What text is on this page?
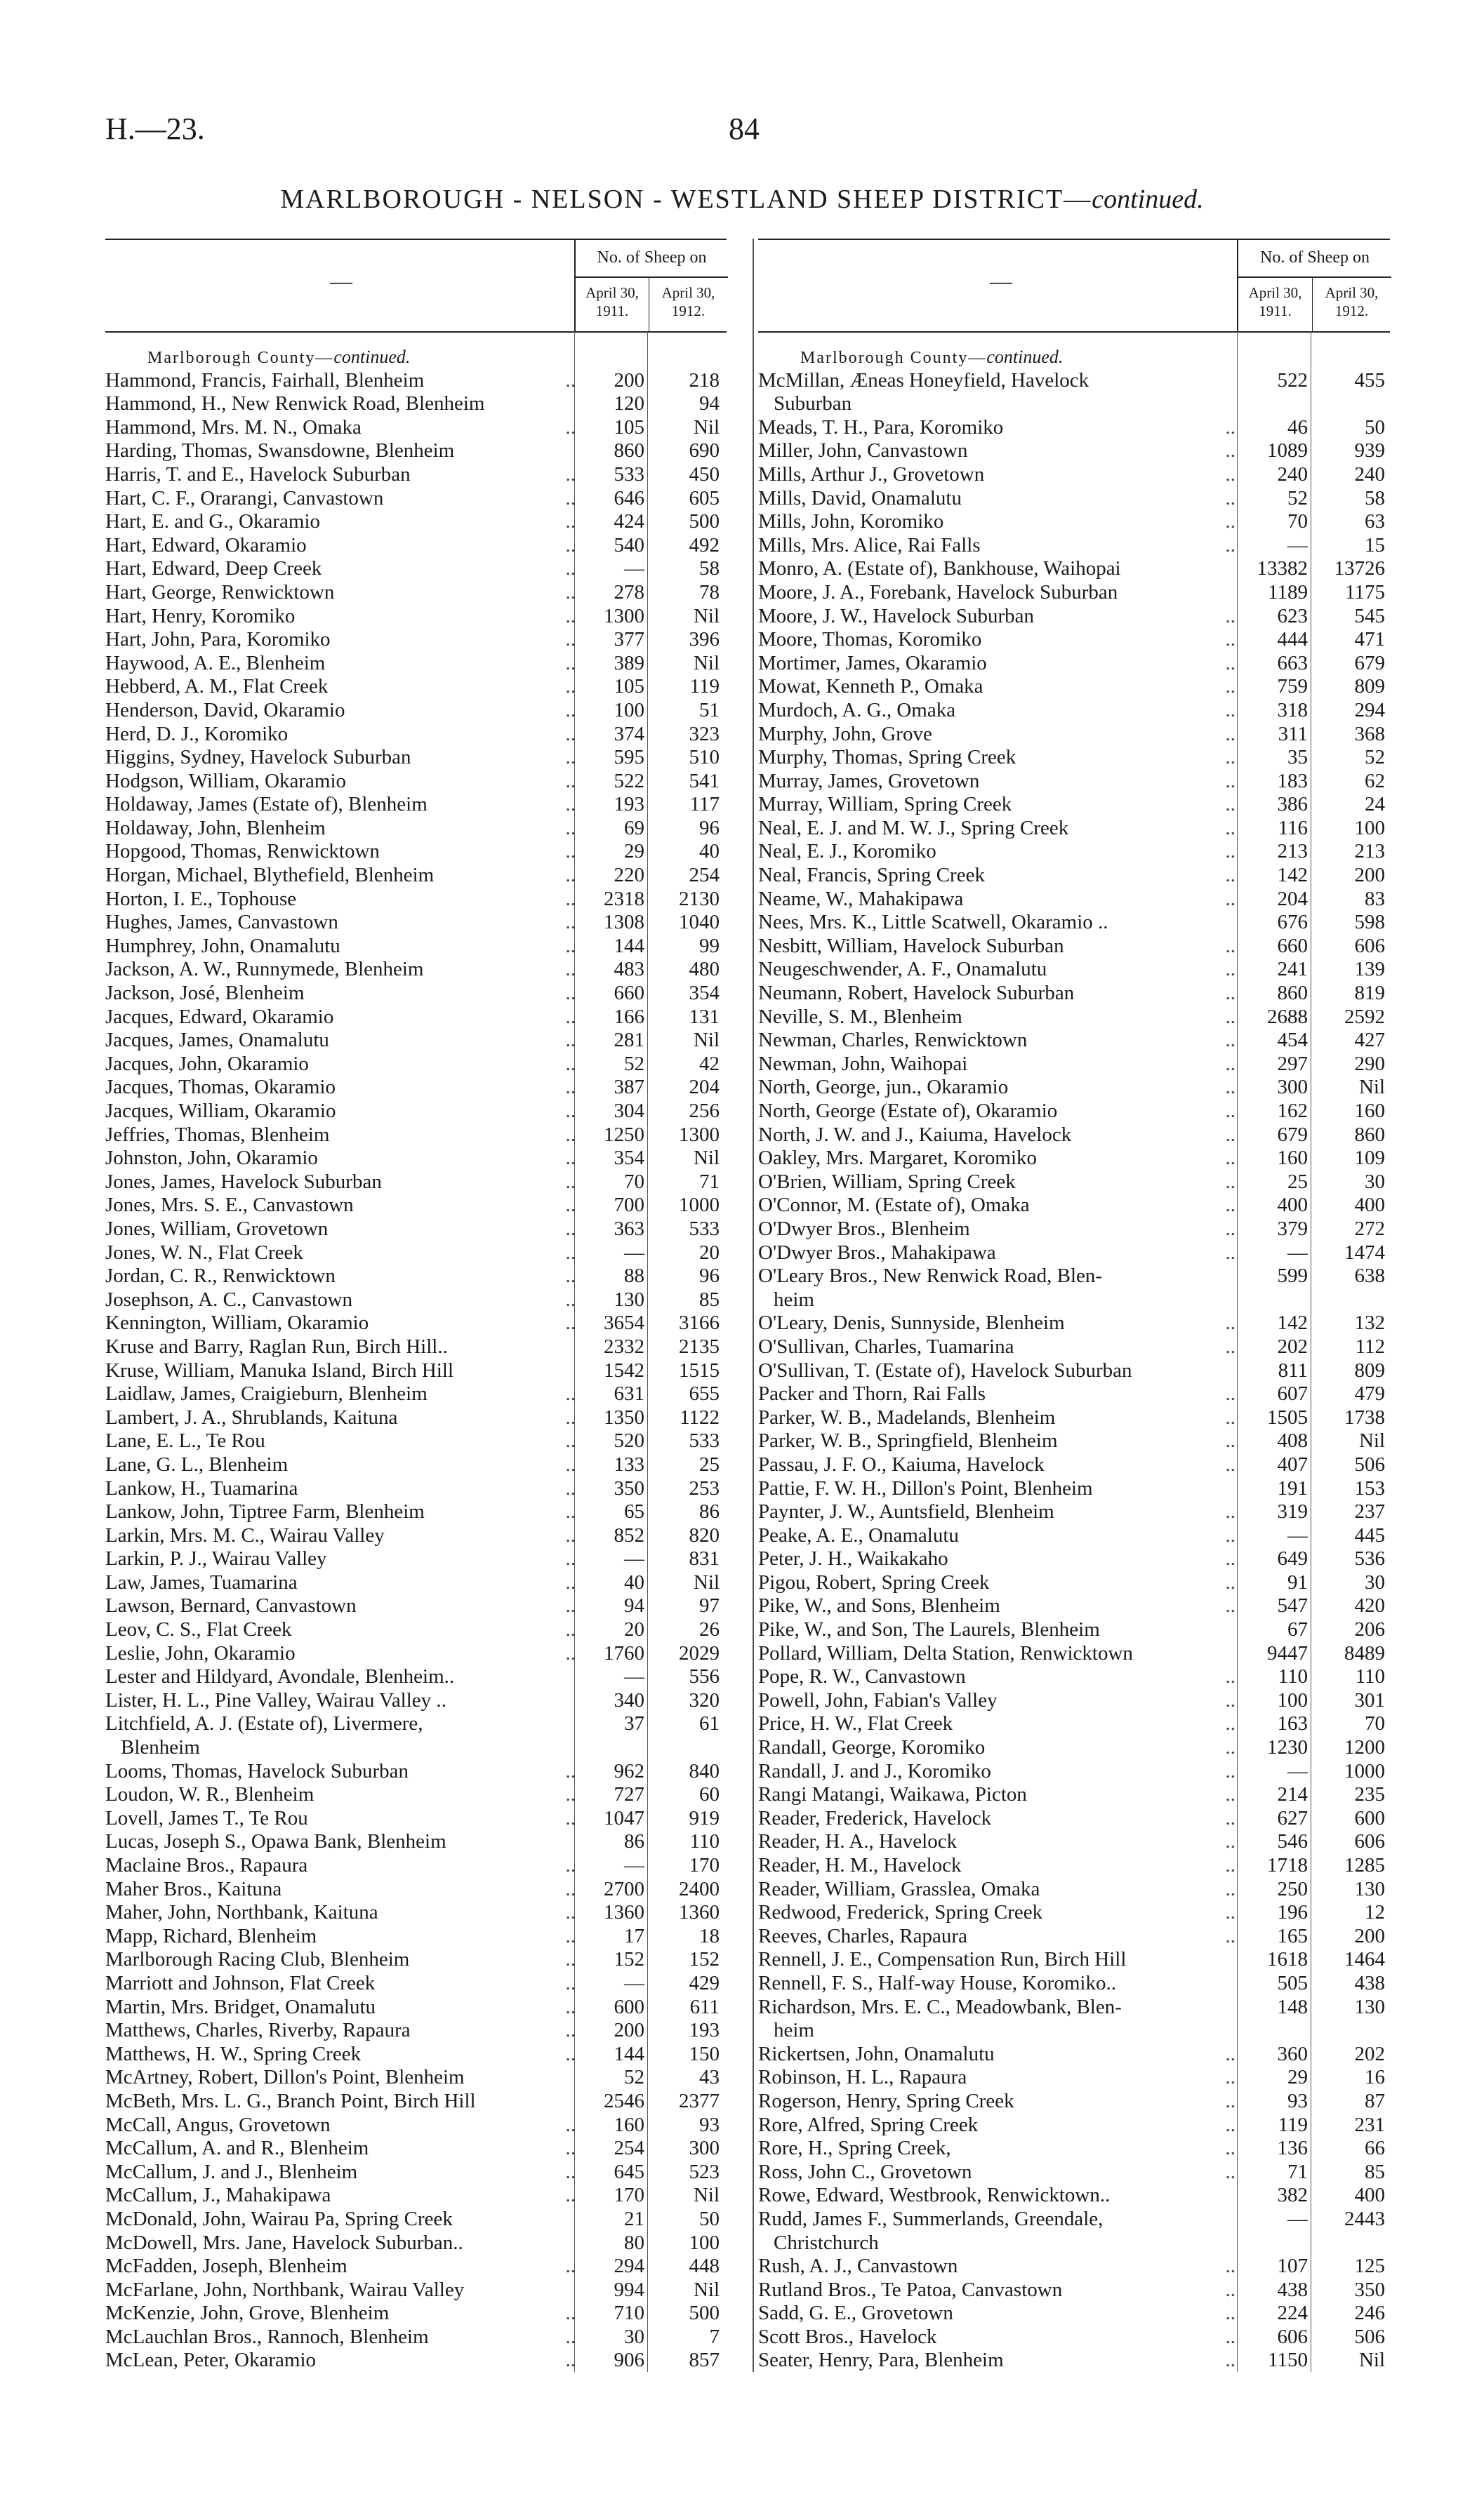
H.—23.	84
MARLBOROUGH - NELSON - WESTLAND SHEEP DISTRICT—continued.
—
No. of Sheep on
April 30, 1911.
April 30, 1912.
Marlborough County—continued.
Hammond, Francis, Fairhall, Blenheim	.. 200 218
Hammond, H., New Renwick Road, Blenheim	120	94
Hammond, Mrs. M. N., Omaka	.. 105 Nil
Harding, Thomas, Swansdowne, Blenheim	860 690
Harris, T. and E., Havelock Suburban	.. 533 450
Hart, C. F., Orarangi, Canvastown	.. 646 605
Hart, E. and G., Okaramio	.. 424 500
Hart, Edward, Okaramio	.. 540 492
Hart, Edward, Deep Creek	.. —	58
Hart, George, Renwicktown	.. 278	78
Hart, Henry, Koromiko	.. 1300 Nil
Hart, John, Para, Koromiko	.. 377 396
Haywood, A. E., Blenheim	.. 389 Nil
Hebberd, A. M., Flat Creek	.. 105 119
Henderson, David, Okaramio	.. 100	51
Herd, D. J., Koromiko	.. 374 323
Higgins, Sydney, Havelock Suburban	.. 595 510
Hodgson, William, Okaramio	.. 522 541
Holdaway, James (Estate of), Blenheim	.. 193 117
Holdaway, John, Blenheim	.. 69	96
Hopgood, Thomas, Renwicktown	.. 29	40
Horgan, Michael, Blythefield, Blenheim	.. 220 254
Horton, I. E., Tophouse	.. 2318 2130
Hughes, James, Canvastown	.. 1308 1040
Humphrey, John, Onamalutu	.. 144	99
Jackson, A. W., Runnymede, Blenheim	.. 483 480
Jackson, José, Blenheim	.. 660 354
Jacques, Edward, Okaramio	.. 166 131
Jacques, James, Onamalutu	.. 281 Nil
Jacques, John, Okaramio	.. 52	42
Jacques, Thomas, Okaramio	.. 387 204
Jacques, William, Okaramio	.. 304 256
Jeffries, Thomas, Blenheim	.. 1250 1300
Johnston, John, Okaramio	.. 354 Nil
Jones, James, Havelock Suburban	.. 70	71
Jones, Mrs. S. E., Canvastown	.. 700 1000
Jones, William, Grovetown	.. 363 533
Jones, W. N., Flat Creek	.. —	20
Jordan, C. R., Renwicktown	.. 88	96
Josephson, A. C., Canvastown	.. 130	85
Kennington, William, Okaramio	.. 3654 3166
Kruse and Barry, Raglan Run, Birch Hill..	2332 2135
Kruse, William, Manuka Island, Birch Hill	1542 1515
Laidlaw, James, Craigieburn, Blenheim	.. 631 655
Lambert, J. A., Shrublands, Kaituna	.. 1350 1122
Lane, E. L., Te Rou	.. 520 533
Lane, G. L., Blenheim	.. 133	25
Lankow, H., Tuamarina	.. 350 253
Lankow, John, Tiptree Farm, Blenheim	.. 65	86
Larkin, Mrs. M. C., Wairau Valley	.. 852 820
Larkin, P. J., Wairau Valley	.. — 831
Law, James, Tuamarina	.. 40 Nil
Lawson, Bernard, Canvastown	.. 94	97
Leov, C. S., Flat Creek	.. 20	26
Leslie, John, Okaramio	.. 1760 2029
Lester and Hildyard, Avondale, Blenheim..	— 556
Lister, H. L., Pine Valley, Wairau Valley ..	340 320
Litchfield, A. J. (Estate of), Livermere,	37	61
Blenheim
Looms, Thomas, Havelock Suburban	.. 962 840
Loudon, W. R., Blenheim	.. 727	60
Lovell, James T., Te Rou	.. 1047 919
Lucas, Joseph S., Opawa Bank, Blenheim	86 110
Maclaine Bros., Rapaura	.. — 170
Maher Bros., Kaituna	.. 2700 2400
Maher, John, Northbank, Kaituna	.. 1360 1360
Mapp, Richard, Blenheim	.. 17	18
Marlborough Racing Club, Blenheim	.. 152 152
Marriott and Johnson, Flat Creek	.. — 429
Martin, Mrs. Bridget, Onamalutu	.. 600 611
Matthews, Charles, Riverby, Rapaura	.. 200 193
Matthews, H. W., Spring Creek	.. 144 150
McArtney, Robert, Dillon's Point, Blenheim	52	43
McBeth, Mrs. L. G., Branch Point, Birch Hill	2546 2377
McCall, Angus, Grovetown	.. 160	93
McCallum, A. and R., Blenheim	.. 254 300
McCallum, J. and J., Blenheim	.. 645 523
McCallum, J., Mahakipawa	.. 170 Nil
McDonald, John, Wairau Pa, Spring Creek	21	50
McDowell, Mrs. Jane, Havelock Suburban..	80 100
McFadden, Joseph, Blenheim	.. 294 448
McFarlane, John, Northbank, Wairau Valley	994 Nil
McKenzie, John, Grove, Blenheim	.. 710 500
McLauchlan Bros., Rannoch, Blenheim	.. 30	7
McLean, Peter, Okaramio	.. 906 857
—
No. of Sheep on
April 30, 1911.
April 30, 1912.
Marlborough County—continued.
McMillan, Æneas Honeyfield, Havelock	522 455
Suburban
Meads, T. H., Para, Koromiko	..	46	50
Miller, John, Canvastown	.. 1089 939
Mills, Arthur J., Grovetown	.. 240 240
Mills, David, Onamalutu	..	52	58
Mills, John, Koromiko	..	70	63
Mills, Mrs. Alice, Rai Falls	..	—	15
Monro, A. (Estate of), Bankhouse, Waihopai	13382 13726
Moore, J. A., Forebank, Havelock Suburban	1189 1175
Moore, J. W., Havelock Suburban	.. 623 545
Moore, Thomas, Koromiko	.. 444 471
Mortimer, James, Okaramio	.. 663 679
Mowat, Kenneth P., Omaka	.. 759 809
Murdoch, A. G., Omaka	.. 318 294
Murphy, John, Grove	.. 311 368
Murphy, Thomas, Spring Creek	..	35	52
Murray, James, Grovetown	.. 183	62
Murray, William, Spring Creek	.. 386	24
Neal, E. J. and M. W. J., Spring Creek	.. 116 100
Neal, E. J., Koromiko	.. 213 213
Neal, Francis, Spring Creek	.. 142 200
Neame, W., Mahakipawa	.. 204	83
Nees, Mrs. K., Little Scatwell, Okaramio ..	676 598
Nesbitt, William, Havelock Suburban	.. 660 606
Neugeschwender, A. F., Onamalutu	.. 241 139
Neumann, Robert, Havelock Suburban	.. 860 819
Neville, S. M., Blenheim	.. 2688 2592
Newman, Charles, Renwicktown	.. 454 427
Newman, John, Waihopai	.. 297 290
North, George, jun., Okaramio	.. 300	Nil
North, George (Estate of), Okaramio	.. 162 160
North, J. W. and J., Kaiuma, Havelock	.. 679 860
Oakley, Mrs. Margaret, Koromiko	.. 160 109
O'Brien, William, Spring Creek	..	25	30
O'Connor, M. (Estate of), Omaka	.. 400 400
O'Dwyer Bros., Blenheim	.. 379 272
O'Dwyer Bros., Mahakipawa	..	— 1474
O'Leary Bros., New Renwick Road, Blen-	599 638
heim
O'Leary, Denis, Sunnyside, Blenheim	.. 142 132
O'Sullivan, Charles, Tuamarina	.. 202 112
O'Sullivan, T. (Estate of), Havelock Suburban	811 809
Packer and Thorn, Rai Falls	.. 607 479
Parker, W. B., Madelands, Blenheim	.. 1505 1738
Parker, W. B., Springfield, Blenheim	.. 408	Nil
Passau, J. F. O., Kaiuma, Havelock	.. 407 506
Pattie, F. W. H., Dillon's Point, Blenheim	191 153
Paynter, J. W., Auntsfield, Blenheim	.. 319 237
Peake, A. E., Onamalutu	..	— 445
Peter, J. H., Waikakaho	.. 649 536
Pigou, Robert, Spring Creek	..	91	30
Pike, W., and Sons, Blenheim	.. 547 420
Pike, W., and Son, The Laurels, Blenheim	67 206
Pollard, William, Delta Station, Renwicktown	9447 8489
Pope, R. W., Canvastown	.. 110 110
Powell, John, Fabian's Valley	.. 100 301
Price, H. W., Flat Creek	.. 163	70
Randall, George, Koromiko	.. 1230 1200
Randall, J. and J., Koromiko	..	— 1000
Rangi Matangi, Waikawa, Picton	.. 214 235
Reader, Frederick, Havelock	.. 627 600
Reader, H. A., Havelock	.. 546 606
Reader, H. M., Havelock	.. 1718 1285
Reader, William, Grasslea, Omaka	.. 250 130
Redwood, Frederick, Spring Creek	.. 196	12
Reeves, Charles, Rapaura	.. 165 200
Rennell, J. E., Compensation Run, Birch Hill	1618 1464
Rennell, F. S., Half-way House, Koromiko..	505 438
Richardson, Mrs. E. C., Meadowbank, Blen-	148 130
heim
Rickertsen, John, Onamalutu	.. 360 202
Robinson, H. L., Rapaura	..	29	16
Rogerson, Henry, Spring Creek	..	93	87
Rore, Alfred, Spring Creek	.. 119 231
Rore, H., Spring Creek,	.. 136	66
Ross, John C., Grovetown	..	71	85
Rowe, Edward, Westbrook, Renwicktown..	382 400
Rudd, James F., Summerlands, Greendale,	— 2443
Christchurch
Rush, A. J., Canvastown	.. 107 125
Rutland Bros., Te Patoa, Canvastown	.. 438 350
Sadd, G. E., Grovetown	.. 224 246
Scott Bros., Havelock	.. 606 506
Seater, Henry, Para, Blenheim	.. 1150	Nil
